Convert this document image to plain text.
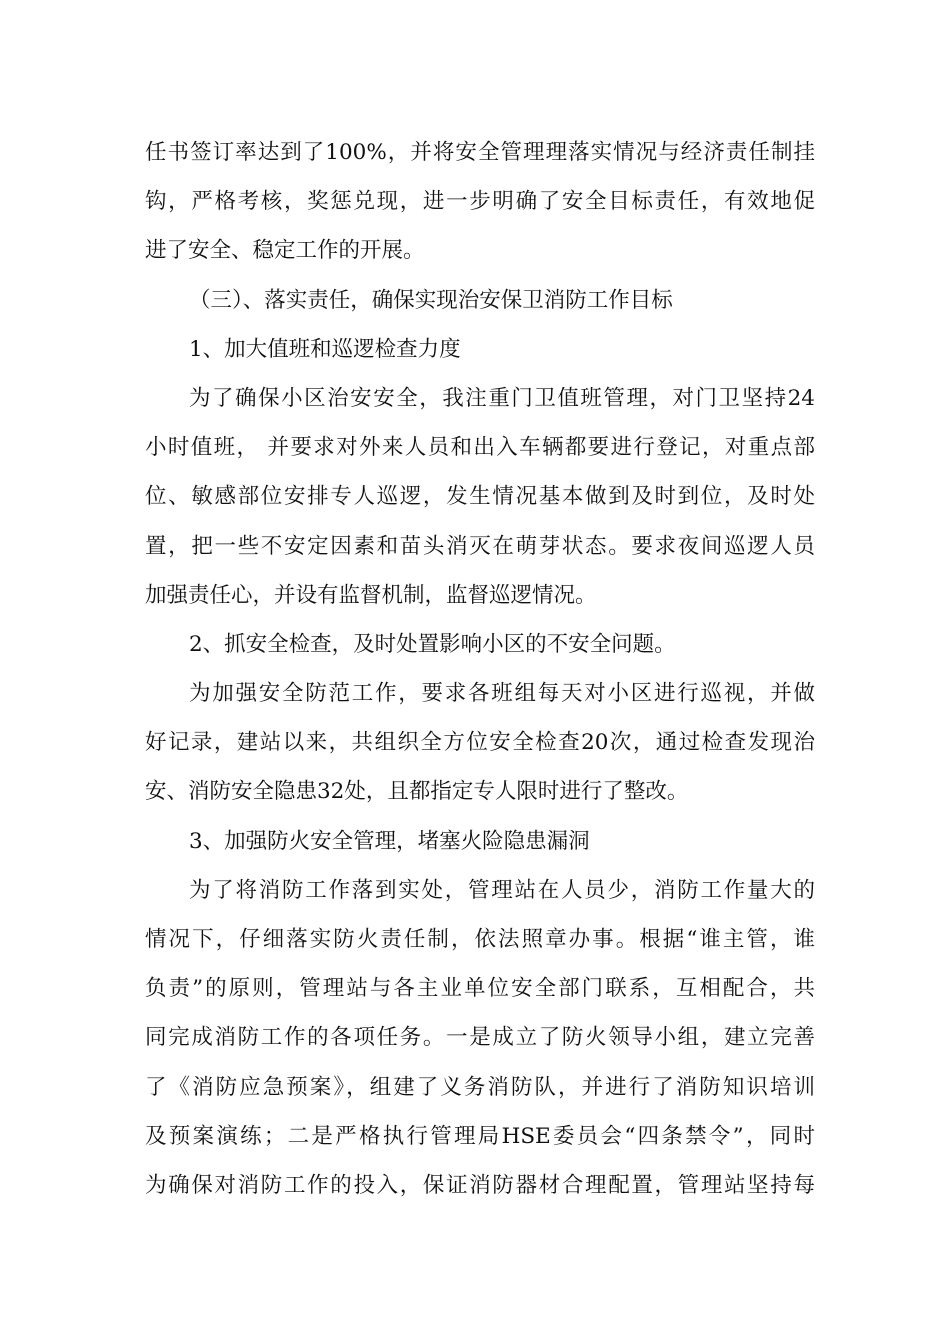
任书签订率达到了100%，并将安全管理理落实情况与经济责任制挂
钩，严格考核，奖惩兑现，进一步明确了安全目标责任，有效地促
进了安全、稳定工作的开展。
（三）、落实责任，确保实现治安保卫消防工作目标
1、加大值班和巡逻检查力度
为了确保小区治安安全，我注重门卫值班管理，对门卫坚持24
小时值班， 并要求对外来人员和出入车辆都要进行登记，对重点部
位、敏感部位安排专人巡逻，发生情况基本做到及时到位，及时处
置，把一些不安定因素和苗头消灭在萌芽状态。要求夜间巡逻人员
加强责任心，并设有监督机制，监督巡逻情况。
2、抓安全检查，及时处置影响小区的不安全问题。
为加强安全防范工作，要求各班组每天对小区进行巡视，并做
好记录，建站以来，共组织全方位安全检查20次，通过检查发现治
安、消防安全隐患32处，且都指定专人限时进行了整改。
3、加强防火安全管理，堵塞火险隐患漏洞
为了将消防工作落到实处，管理站在人员少，消防工作量大的
情况下，仔细落实防火责任制，依法照章办事。根据“谁主管，谁
负责”的原则，管理站与各主业单位安全部门联系，互相配合，共
同完成消防工作的各项任务。一是成立了防火领导小组，建立完善
了《消防应急预案》，组建了义务消防队，并进行了消防知识培训
及预案演练；二是严格执行管理局HSE委员会“四条禁令”，同时
为确保对消防工作的投入，保证消防器材合理配置，管理站坚持每
